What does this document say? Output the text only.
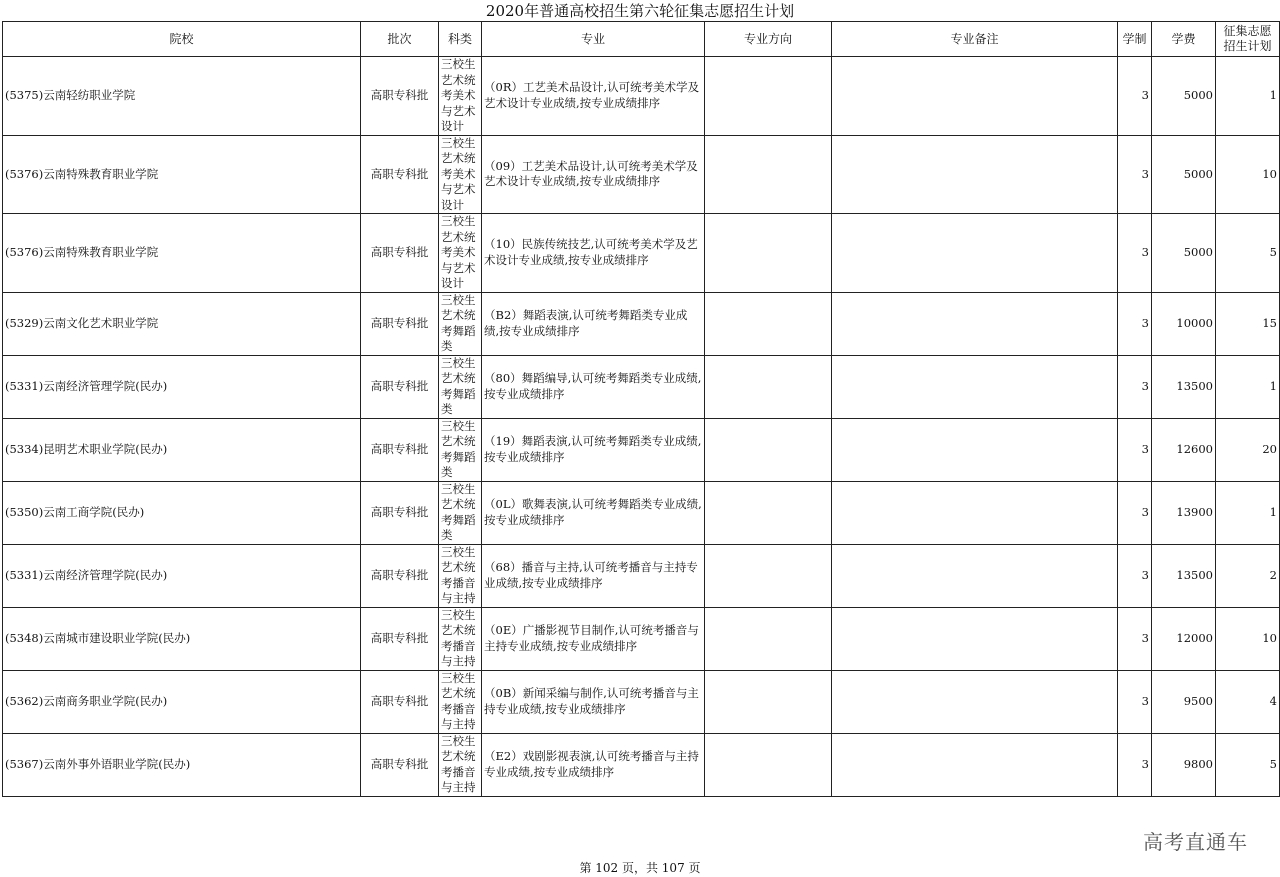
2020年普通高校招生第六轮征集志愿招生计划
院校	批次	科类	专业	专业方向	专业备注	学制	学费	征集志愿招生计划
(5375)云南轻纺职业学院	高职专科批	三校生艺术统考美术与艺术设计	（0R）工艺美术品设计,认可统考美术学及艺术设计专业成绩,按专业成绩排序			3	5000	1
(5376)云南特殊教育职业学院	高职专科批	三校生艺术统考美术与艺术设计	（09）工艺美术品设计,认可统考美术学及艺术设计专业成绩,按专业成绩排序			3	5000	10
(5376)云南特殊教育职业学院	高职专科批	三校生艺术统考美术与艺术设计	（10）民族传统技艺,认可统考美术学及艺术设计专业成绩,按专业成绩排序			3	5000	5
(5329)云南文化艺术职业学院	高职专科批	三校生艺术统考舞蹈类	（B2）舞蹈表演,认可统考舞蹈类专业成绩,按专业成绩排序			3	10000	15
(5331)云南经济管理学院(民办)	高职专科批	三校生艺术统考舞蹈类	（80）舞蹈编导,认可统考舞蹈类专业成绩,按专业成绩排序			3	13500	1
(5334)昆明艺术职业学院(民办)	高职专科批	三校生艺术统考舞蹈类	（19）舞蹈表演,认可统考舞蹈类专业成绩,按专业成绩排序			3	12600	20
(5350)云南工商学院(民办)	高职专科批	三校生艺术统考舞蹈类	（0L）歌舞表演,认可统考舞蹈类专业成绩,按专业成绩排序			3	13900	1
(5331)云南经济管理学院(民办)	高职专科批	三校生艺术统考播音与主持	（68）播音与主持,认可统考播音与主持专业成绩,按专业成绩排序			3	13500	2
(5348)云南城市建设职业学院(民办)	高职专科批	三校生艺术统考播音与主持	（0E）广播影视节目制作,认可统考播音与主持专业成绩,按专业成绩排序			3	12000	10
(5362)云南商务职业学院(民办)	高职专科批	三校生艺术统考播音与主持	（0B）新闻采编与制作,认可统考播音与主持专业成绩,按专业成绩排序			3	9500	4
(5367)云南外事外语职业学院(民办)	高职专科批	三校生艺术统考播音与主持	（E2）戏剧影视表演,认可统考播音与主持专业成绩,按专业成绩排序			3	9800	5
高考直通车
第 102 页，共 107 页
